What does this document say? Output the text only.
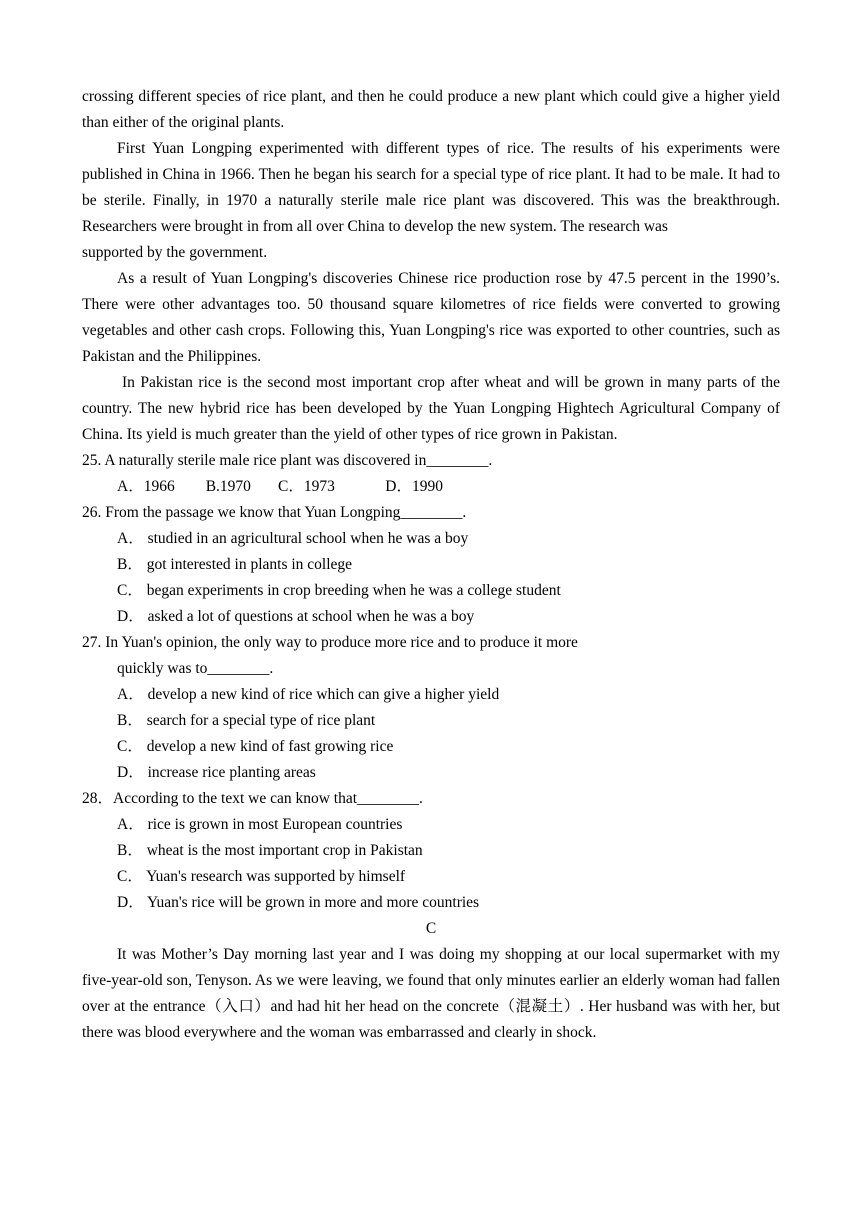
crossing different species of rice plant, and then he could produce a new plant which could give a higher yield than either of the original plants.

First Yuan Longping experimented with different types of rice. The results of his experiments were published in China in 1966. Then he began his search for a special type of rice plant. It had to be male. It had to be sterile. Finally, in 1970 a naturally sterile male rice plant was discovered. This was the breakthrough. Researchers were brought in from all over China to develop the new system. The research was

supported by the government.

As a result of Yuan Longping's discoveries Chinese rice production rose by 47.5 percent in the 1990’s. There were other advantages too. 50 thousand square kilometres of rice fields were converted to growing vegetables and other cash crops. Following this, Yuan Longping's rice was exported to other countries, such as Pakistan and the Philippines.

In Pakistan rice is the second most important crop after wheat and will be grown in many parts of the country. The new hybrid rice has been developed by the Yuan Longping Hightech Agricultural Company of China. Its yield is much greater than the yield of other types of rice grown in Pakistan.

25. A naturally sterile male rice plant was discovered in________.

A．1966        B.1970       C．1973             D．1990

26. From the passage we know that Yuan Longping________.

A． studied in an agricultural school when he was a boy

B． got interested in plants in college

C． began experiments in crop breeding when he was a college student

D． asked a lot of questions at school when he was a boy

27. In Yuan's opinion, the only way to produce more rice and to produce it more

quickly was to________.

A． develop a new kind of rice which can give a higher yield

B． search for a special type of rice plant

C． develop a new kind of fast growing rice

D． increase rice planting areas

28．According to the text we can know that________.

A． rice is grown in most European countries

B． wheat is the most important crop in Pakistan

C． Yuan's research was supported by himself

D． Yuan's rice will be grown in more and more countries

C

It was Mother’s Day morning last year and I was doing my shopping at our local supermarket with my five-year-old son, Tenyson. As we were leaving, we found that only minutes earlier an elderly woman had fallen over at the entrance（入口）and had hit her head on the concrete（混凝土）. Her husband was with her, but there was blood everywhere and the woman was embarrassed and clearly in shock.
